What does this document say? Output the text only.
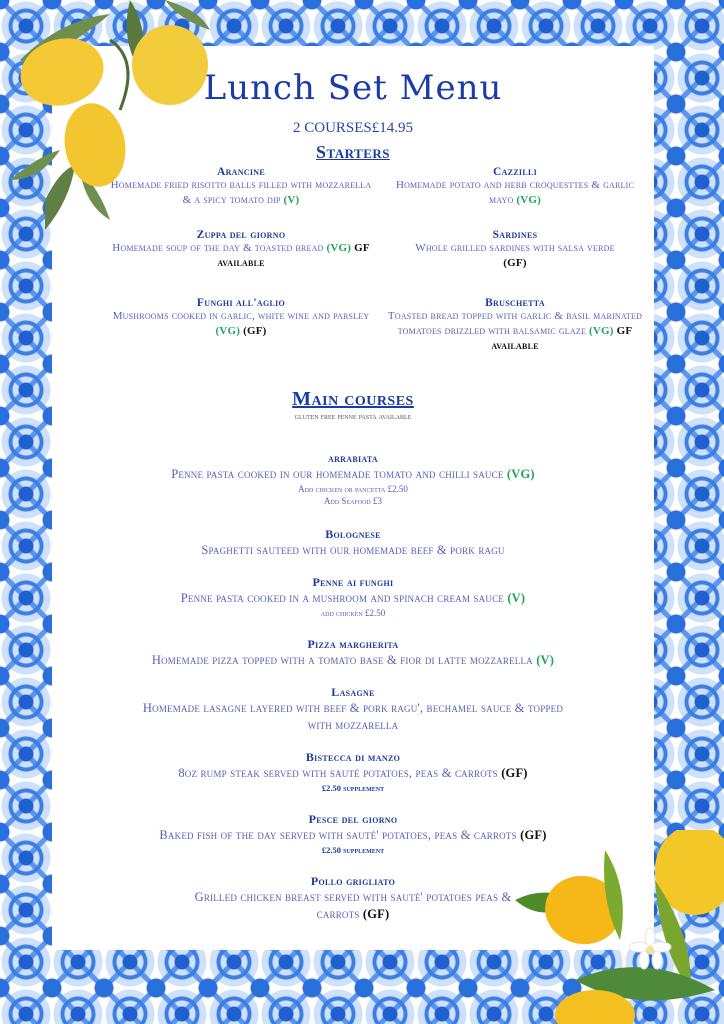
Lunch Set Menu
2 COURSES£14.95
Starters
Arancine
Homemade fried risotto balls filled with mozzarella & a spicy tomato dip (V)
Cazzilli
Homemade potato and herb croquesttes & garlic mayo (VG)
Zuppa del giorno
Homemade soup of the day & toasted bread (VG) GF available
Sardines
Whole grilled sardines with salsa verde
(GF)
Funghi all'aglio
Mushrooms cooked in garlic, white wine and parsley
(VG) (GF)
Bruschetta
Toasted bread topped with garlic & basil marinated tomatoes drizzled with balsamic glaze (VG) GF available
Main courses
gluten free penne pasta available
arrabiata
Penne pasta cooked in our homemade tomato and chilli sauce (VG)
Add chicken or pancetta £2.50
Add Seafood £3
Bolognese
Spaghetti sauteed with our homemade beef & pork ragu
Penne ai funghi
Penne pasta cooked in a mushroom and spinach cream sauce (V)
add chicken £2.50
Pizza margherita
Homemade pizza topped with a tomato base & fior di latte mozzarella (V)
Lasagne
Homemade lasagne layered with beef & pork ragu', bechamel sauce & topped with mozzarella
Bistecca di manzo
8oz rump steak served with sauté potatoes, peas & carrots (GF)
£2.50 supplement
Pesce del giorno
Baked fish of the day served with sauté' potatoes, peas & carrots (GF)
£2.50 supplement
Pollo grigliato
Grilled chicken breast served with sauté' potatoes peas & carrots (GF)
